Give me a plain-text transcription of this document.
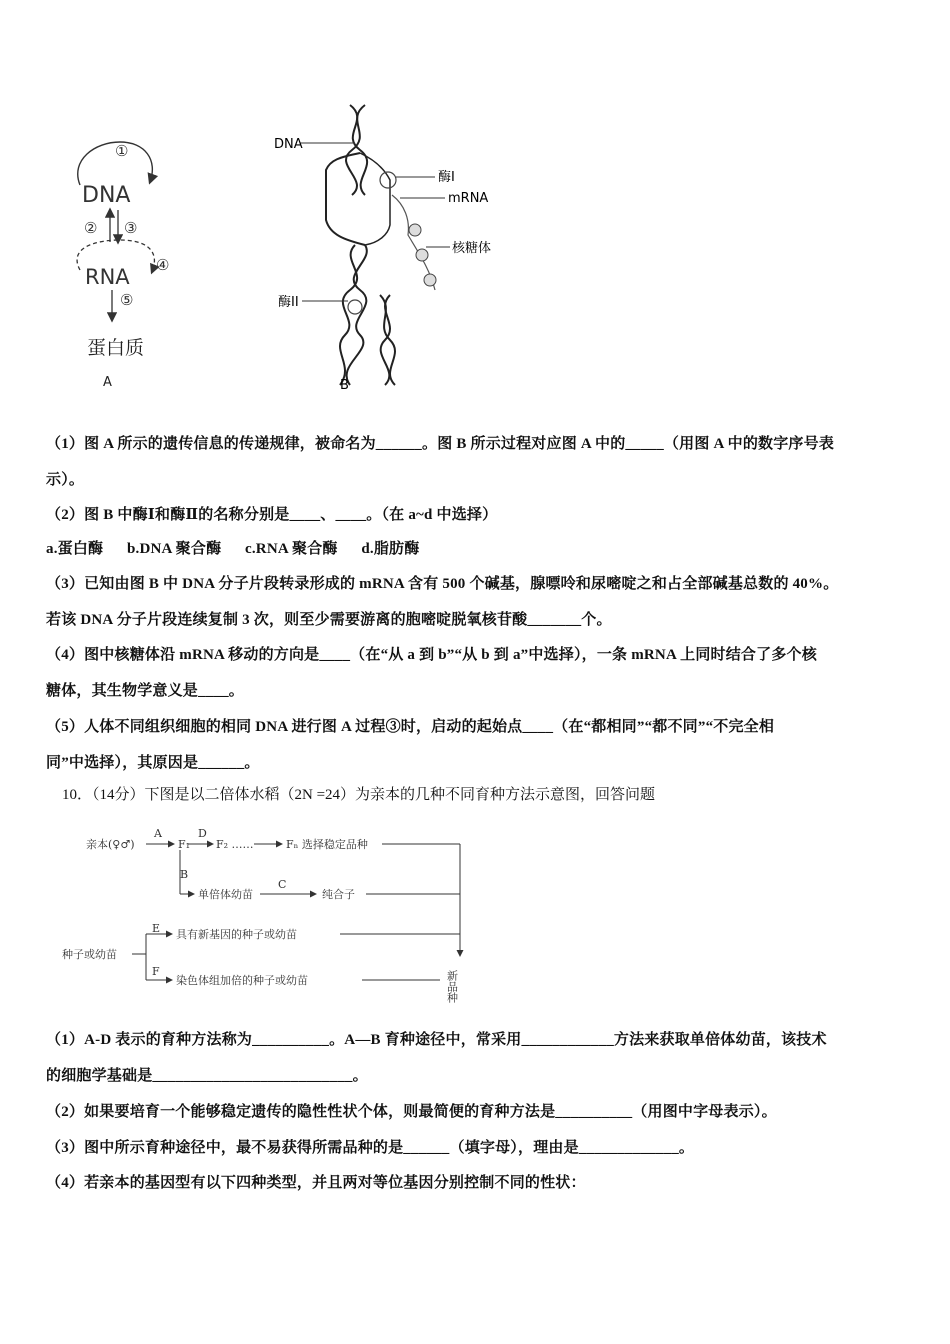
①
DNA
② ③
RNA ④
⑤
蛋白质
A
DNA
酶I
mRNA
核糖体
酶II
B
（1）图 A 所示的遗传信息的传递规律，被命名为______。图 B 所示过程对应图 A 中的_____（用图 A 中的数字序号表
示）。
（2）图 B 中酶Ⅰ和酶Ⅱ的名称分别是____、____。（在 a~d 中选择）
a.蛋白酶 b.DNA 聚合酶 c.RNA 聚合酶 d.脂肪酶
（3）已知由图 B 中 DNA 分子片段转录形成的 mRNA 含有 500 个碱基，腺嘌呤和尿嘧啶之和占全部碱基总数的 40%。
若该 DNA 分子片段连续复制 3 次，则至少需要游离的胞嘧啶脱氧核苷酸_______个。
（4）图中核糖体沿 mRNA 移动的方向是____（在“从 a 到 b”“从 b 到 a”中选择），一条 mRNA 上同时结合了多个核
糖体，其生物学意义是____。
（5）人体不同组织细胞的相同 DNA 进行图 A 过程③时，启动的起始点____（在“都相同”“都不同”“不完全相
同”中选择），其原因是______。
10．（14分）下图是以二倍体水稻（2N =24）为亲本的几种不同育种方法示意图，回答问题
亲本(♀♂)
A
F₁
D
F₂ ……	Fₙ 选择稳定品种
B
单倍体幼苗
C
纯合子
种子或幼苗
E 具有新基因的种子或幼苗
F
染色体组加倍的种子或幼苗	新品种
（1）A-D 表示的育种方法称为__________。A—B 育种途径中，常采用____________方法来获取单倍体幼苗，该技术
的细胞学基础是__________________________。
（2）如果要培育一个能够稳定遗传的隐性性状个体，则最简便的育种方法是__________（用图中字母表示）。
（3）图中所示育种途径中，最不易获得所需品种的是______（填字母），理由是_____________。
（4）若亲本的基因型有以下四种类型，并且两对等位基因分别控制不同的性状：
